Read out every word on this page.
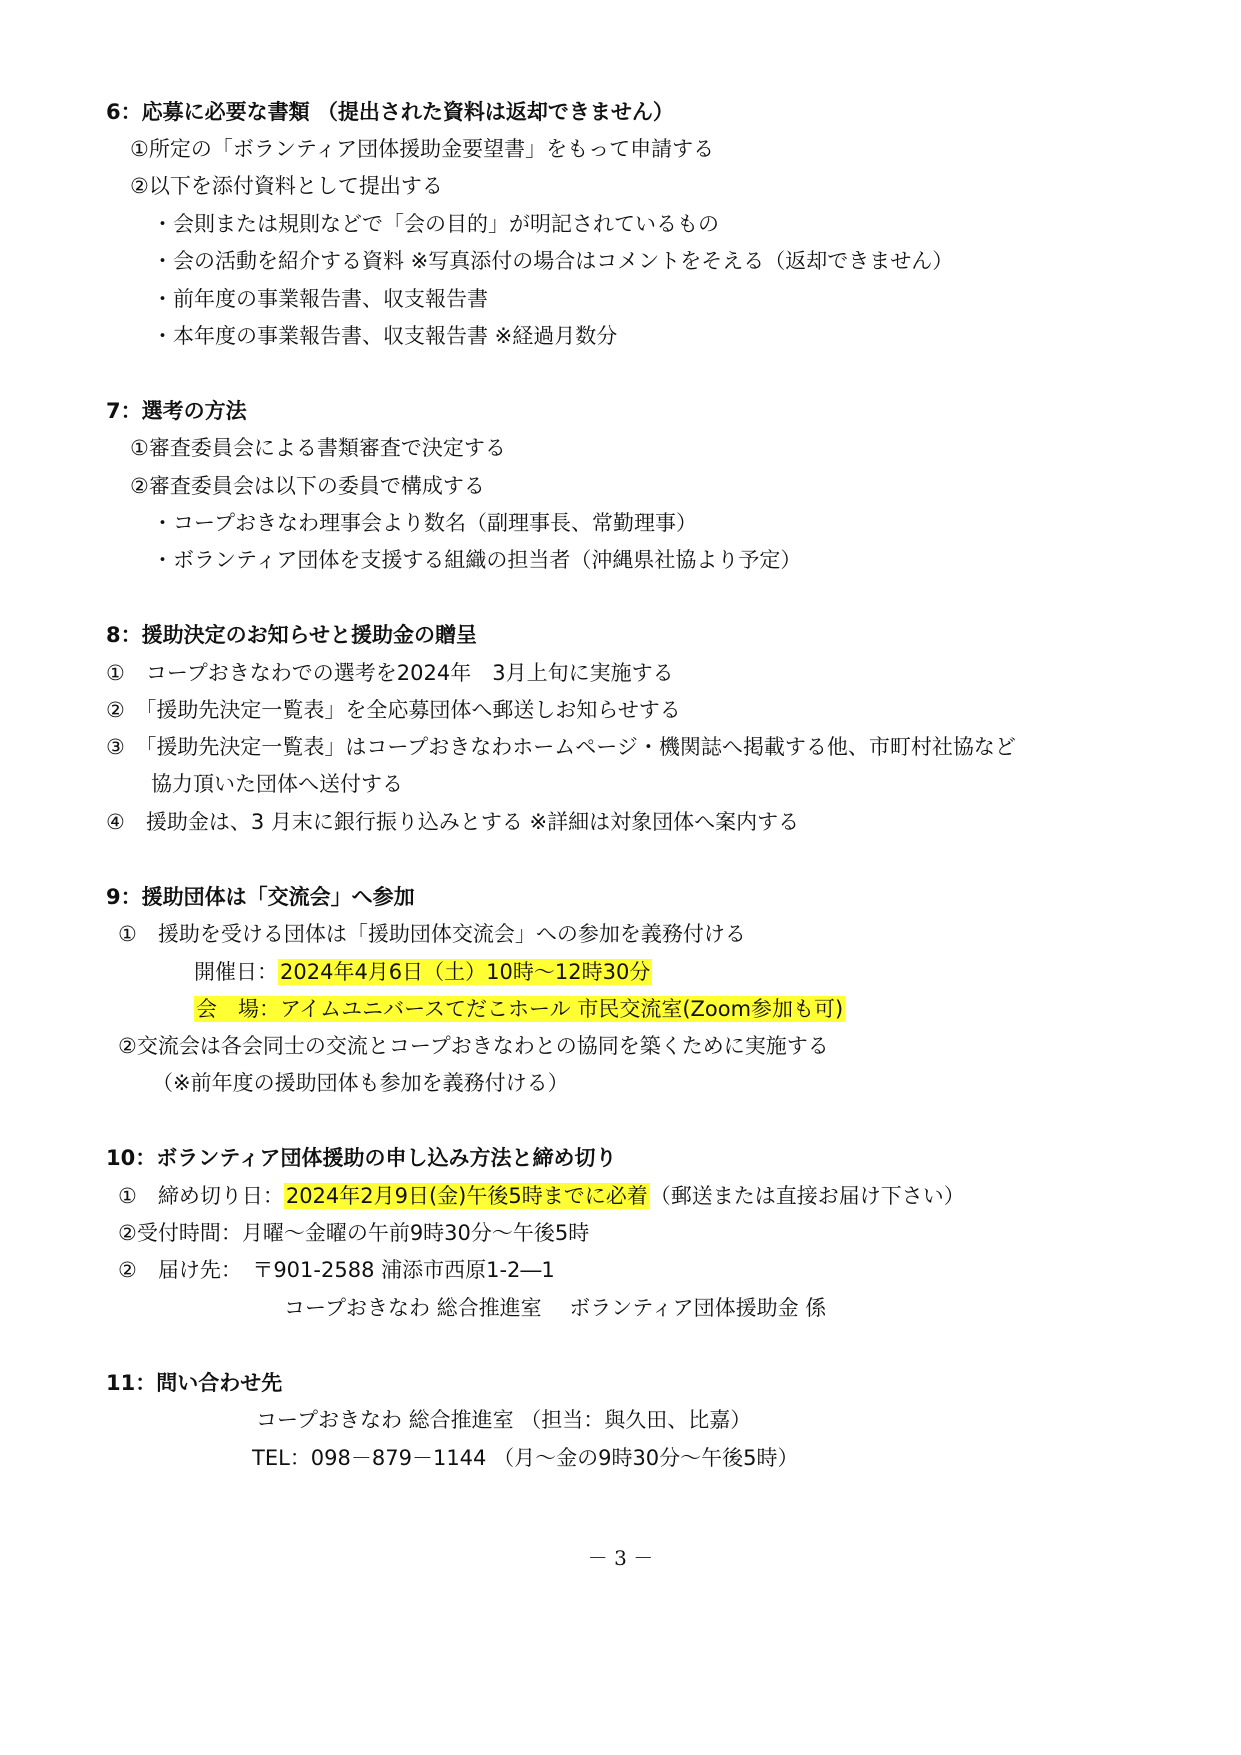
6：応募に必要な書類 （提出された資料は返却できません）
①所定の「ボランティア団体援助金要望書」をもって申請する
②以下を添付資料として提出する
・会則または規則などで「会の目的」が明記されているもの
・会の活動を紹介する資料 ※写真添付の場合はコメントをそえる（返却できません）
・前年度の事業報告書、収支報告書
・本年度の事業報告書、収支報告書 ※経過月数分
7：選考の方法
①審査委員会による書類審査で決定する
②審査委員会は以下の委員で構成する
・コープおきなわ理事会より数名（副理事長、常勤理事）
・ボランティア団体を支援する組織の担当者（沖縄県社協より予定）
8：援助決定のお知らせと援助金の贈呈
①　コープおきなわでの選考を2024年　3月上旬に実施する
②　「援助先決定一覧表」を全応募団体へ郵送しお知らせする
③　「援助先決定一覧表」はコープおきなわホームページ・機関誌へ掲載する他、市町村社協など
協力頂いた団体へ送付する
④　援助金は、3 月末に銀行振り込みとする ※詳細は対象団体へ案内する
9：援助団体は「交流会」へ参加
①　援助を受ける団体は「援助団体交流会」への参加を義務付ける
開催日：2024年4月6日（土）10時～12時30分
会　場：アイムユニバースてだこホール 市民交流室(Zoom参加も可)
②交流会は各会同士の交流とコープおきなわとの協同を築くために実施する
（※前年度の援助団体も参加を義務付ける）
10：ボランティア団体援助の申し込み方法と締め切り
①　締め切り日：2024年2月9日(金)午後5時までに必着（郵送または直接お届け下さい）
②受付時間：月曜～金曜の午前9時30分～午後5時
②　届け先：　〒901-2588 浦添市西原1-2―1
コープおきなわ 総合推進室　 ボランティア団体援助金 係
11：問い合わせ先
コープおきなわ 総合推進室 （担当：與久田、比嘉）
TEL：098－879－1144 （月～金の9時30分～午後5時）
－ 3 －
